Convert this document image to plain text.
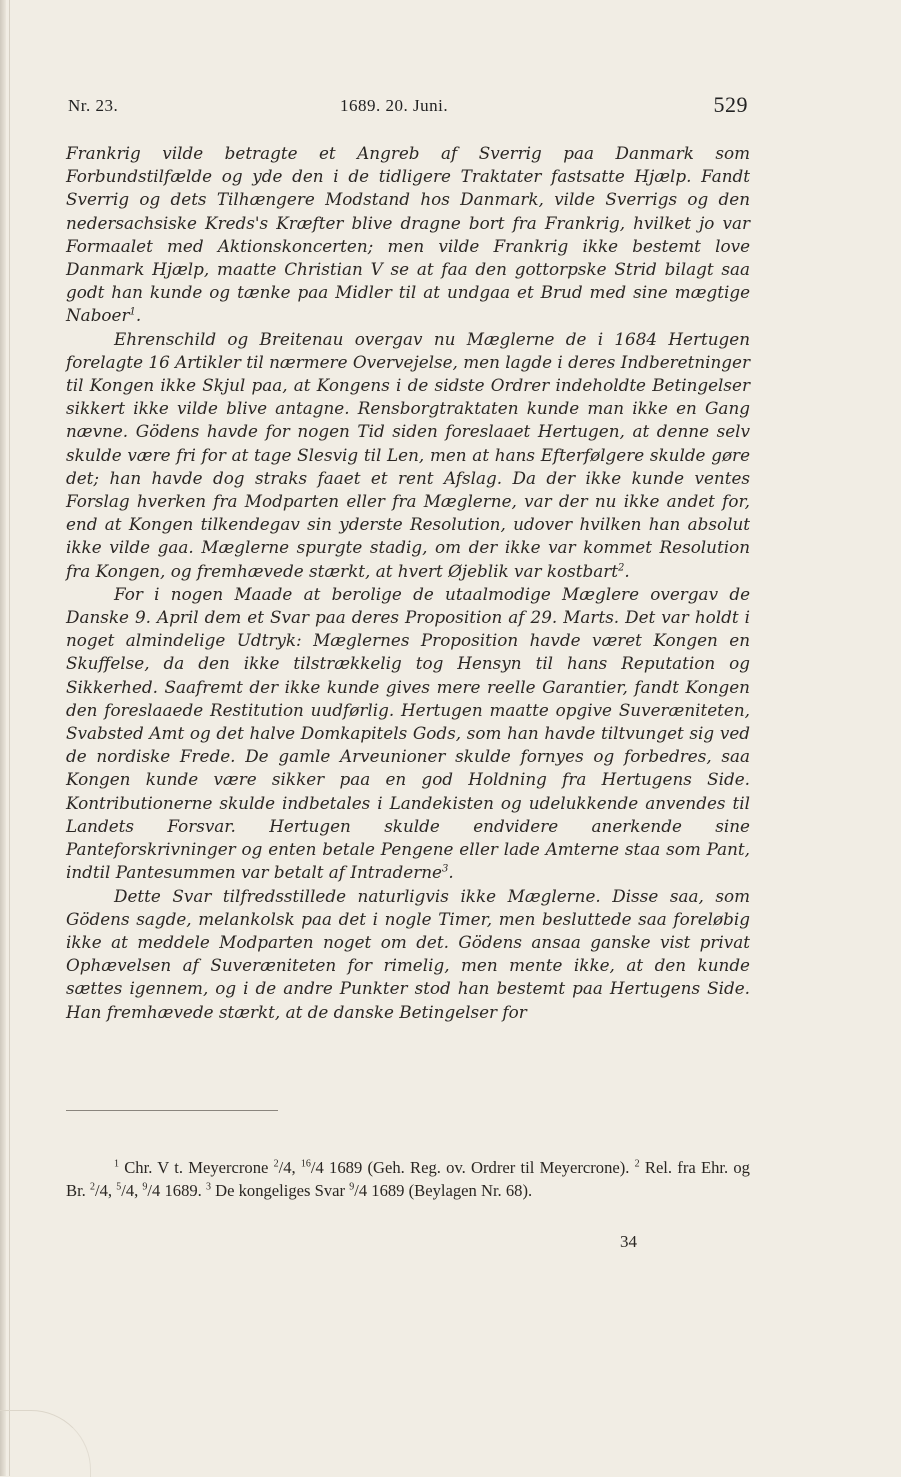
Nr. 23.	1689. 20. Juni.	529

Frankrig vilde betragte et Angreb af Sverrig paa Danmark som Forbundstilfælde og yde den i de tidligere Traktater fastsatte Hjælp. Fandt Sverrig og dets Tilhængere Modstand hos Danmark, vilde Sverrigs og den nedersachsiske Kreds's Kræfter blive dragne bort fra Frankrig, hvilket jo var Formaalet med Aktionskoncerten; men vilde Frankrig ikke bestemt love Danmark Hjælp, maatte Christian V se at faa den gottorpske Strid bilagt saa godt han kunde og tænke paa Midler til at undgaa et Brud med sine mægtige Naboer$^1$.

Ehrenschild og Breitenau overgav nu Mæglerne de i 1684 Hertugen forelagte 16 Artikler til nærmere Overvejelse, men lagde i deres Indberetninger til Kongen ikke Skjul paa, at Kongens i de sidste Ordrer indeholdte Betingelser sikkert ikke vilde blive antagne. Rensborgtraktaten kunde man ikke en Gang nævne. Gödens havde for nogen Tid siden foreslaaet Hertugen, at denne selv skulde være fri for at tage Slesvig til Len, men at hans Efterfølgere skulde gøre det; han havde dog straks faaet et rent Afslag. Da der ikke kunde ventes Forslag hverken fra Modparten eller fra Mæglerne, var der nu ikke andet for, end at Kongen tilkendegav sin yderste Resolution, udover hvilken han absolut ikke vilde gaa. Mæglerne spurgte stadig, om der ikke var kommet Resolution fra Kongen, og fremhævede stærkt, at hvert Øjeblik var kostbart$^2$.

For i nogen Maade at berolige de utaalmodige Mæglere overgav de Danske 9. April dem et Svar paa deres Proposition af 29. Marts. Det var holdt i noget almindelige Udtryk: Mæglernes Proposition havde været Kongen en Skuffelse, da den ikke tilstrækkelig tog Hensyn til hans Reputation og Sikkerhed. Saafremt der ikke kunde gives mere reelle Garantier, fandt Kongen den foreslaaede Restitution uudførlig. Hertugen maatte opgive Suveræniteten, Svabsted Amt og det halve Domkapitels Gods, som han havde tiltvunget sig ved de nordiske Frede. De gamle Arveunioner skulde fornyes og forbedres, saa Kongen kunde være sikker paa en god Holdning fra Hertugens Side. Kontributionerne skulde indbetales i Landekisten og udelukkende anvendes til Landets Forsvar. Hertugen skulde endvidere anerkende sine Panteforskrivninger og enten betale Pengene eller lade Amterne staa som Pant, indtil Pantesummen var betalt af Intraderne$^3$.

Dette Svar tilfredsstillede naturligvis ikke Mæglerne. Disse saa, som Gödens sagde, melankolsk paa det i nogle Timer, men besluttede saa foreløbig ikke at meddele Modparten noget om det. Gödens ansaa ganske vist privat Ophævelsen af Suveræniteten for rimelig, men mente ikke, at den kunde sættes igennem, og i de andre Punkter stod han bestemt paa Hertugens Side. Han fremhævede stærkt, at de danske Betingelser for

$^1$ Chr. V t. Meyercrone $^2$/4, $^{16}$/4 1689 (Geh. Reg. ov. Ordrer til Meyercrone). $^2$ Rel. fra Ehr. og Br. $^2$/4, $^5$/4, $^9$/4 1689. $^3$ De kongeliges Svar $^9$/4 1689 (Beylagen Nr. 68).

34
